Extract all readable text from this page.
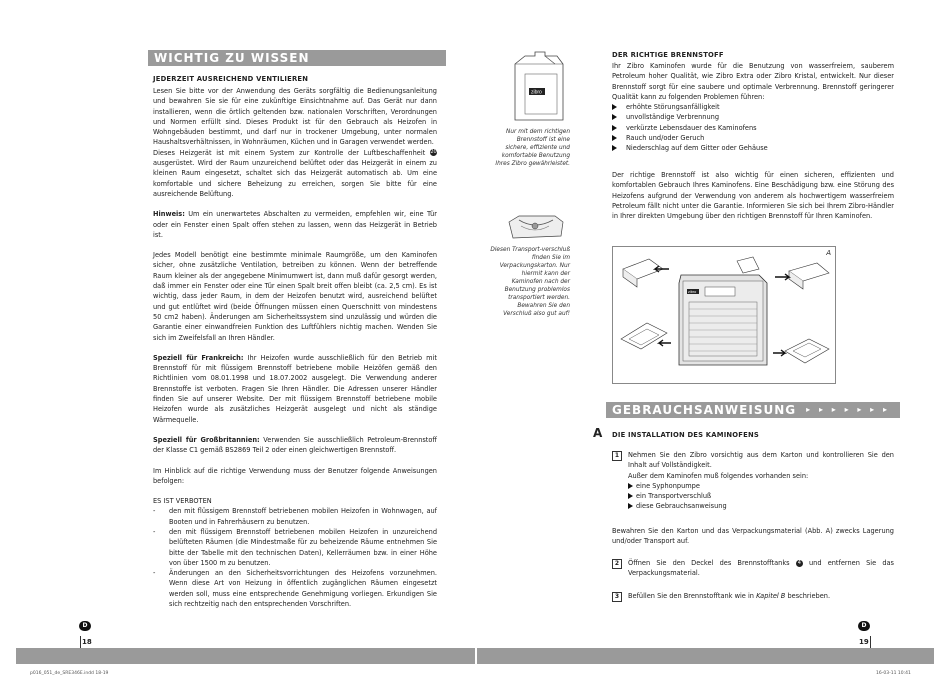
WICHTIG ZU WISSEN
JEDERZEIT AUSREICHEND VENTILIEREN
Lesen Sie bitte vor der Anwendung des Geräts sorgfältig die Bedienungsanleitung und bewahren Sie sie für eine zukünftige Einsichtnahme auf. Das Gerät nur dann installieren, wenn die örtlich geltenden bzw. nationalen Vorschriften, Verordnungen und Normen erfüllt sind. Dieses Produkt ist für den Gebrauch als Heizofen in Wohngebäuden bestimmt, und darf nur in trockener Umgebung, unter normalen Haushaltsverhältnissen, in Wohnräumen, Küchen und in Garagen verwendet werden.
Dieses Heizgerät ist mit einem System zur Kontrolle der Luftbeschaffenheit 20 ausgerüstet. Wird der Raum unzureichend belüftet oder das Heizgerät in einem zu kleinen Raum eingesetzt, schaltet sich das Heizgerät automatisch ab. Um eine komfortable und sichere Beheizung zu erreichen, sorgen Sie bitte für eine ausreichende Belüftung.
Hinweis: Um ein unerwartetes Abschalten zu vermeiden, empfehlen wir, eine Tür oder ein Fenster einen Spalt offen stehen zu lassen, wenn das Heizgerät in Betrieb ist.
Jedes Modell benötigt eine bestimmte minimale Raumgröße, um den Kaminofen sicher, ohne zusätzliche Ventilation, betreiben zu können. Wenn der betreffende Raum kleiner als der angegebene Minimumwert ist, dann muß dafür gesorgt werden, daß immer ein Fenster oder eine Tür einen Spalt breit offen bleibt (ca. 2,5 cm). Es ist wichtig, dass jeder Raum, in dem der Heizofen benutzt wird, ausreichend belüftet und gut entlüftet wird (beide Öffnungen müssen einen Querschnitt von mindestens 50 cm2 haben). Änderungen am Sicherheitssystem sind unzulässig und würden die Garantie einer einwandfreien Funktion des Luftfühlers nichtig machen. Wenden Sie sich im Zweifelsfall an Ihren Händler.
Speziell für Frankreich: Ihr Heizofen wurde ausschließlich für den Betrieb mit Brennstoff für mit flüssigem Brennstoff betriebene mobile Heizöfen gemäß den Richtlinien vom 08.01.1998 und 18.07.2002 ausgelegt. Die Verwendung anderer Brennstoffe ist verboten. Fragen Sie Ihren Händler. Die Adressen unserer Händler finden Sie auf unserer Website. Der mit flüssigem Brennstoff betriebene mobile Heizofen wurde als zusätzliches Heizgerät ausgelegt und nicht als ständige Wärmequelle.
Speziell für Großbritannien: Verwenden Sie ausschließlich Petroleum-Brennstoff der Klasse C1 gemäß BS2869 Teil 2 oder einen gleichwertigen Brennstoff.
Im Hinblick auf die richtige Verwendung muss der Benutzer folgende Anweisungen befolgen:
ES IST VERBOTEN
- den mit flüssigem Brennstoff betriebenen mobilen Heizofen in Wohnwagen, auf Booten und in Fahrerhäusern zu benutzen.
- den mit flüssigem Brennstoff betriebenen mobilen Heizofen in unzureichend belüfteten Räumen (die Mindestmaße für zu beheizende Räume entnehmen Sie bitte der Tabelle mit den technischen Daten), Kellerräumen bzw. in einer Höhe von über 1500 m zu benutzen.
- Änderungen an den Sicherheitsvorrichtungen des Heizofens vorzunehmen. Wenn diese Art von Heizung in öffentlich zugänglichen Räumen eingesetzt werden soll, muss eine entsprechende Genehmigung vorliegen. Erkundigen Sie sich rechtzeitig nach den entsprechenden Vorschriften.
D
18
zibro
Nur mit dem richtigen Brennstoff ist eine sichere, effiziente und komfortable Benutzung Ihres Zibro gewährleistet.
Diesen Transport-verschluß finden Sie im Verpackungskarton. Nur hiermit kann der Kaminofen nach der Benutzung problemlos transportiert werden. Bewahren Sie den Verschluß also gut auf!
DER RICHTIGE BRENNSTOFF
Ihr Zibro Kaminofen wurde für die Benutzung von wasserfreiem, sauberem Petroleum hoher Qualität, wie Zibro Extra oder Zibro Kristal, entwickelt. Nur dieser Brennstoff sorgt für eine saubere und optimale Verbrennung. Brennstoff geringerer Qualität kann zu folgenden Problemen führen:
erhöhte Störungsanfälligkeit
unvollständige Verbrennung
verkürzte Lebensdauer des Kaminofens
Rauch und/oder Geruch
Niederschlag auf dem Gitter oder Gehäuse
Der richtige Brennstoff ist also wichtig für einen sicheren, effizienten und komfortablen Gebrauch Ihres Kaminofens. Eine Beschädigung bzw. eine Störung des Heizofens aufgrund der Verwendung von anderem als hochwertigem wasserfreiem Petroleum fällt nicht unter die Garantie. Informieren Sie sich bei Ihrem Zibro-Händler in Ihrer direkten Umgebung über den richtigen Brennstoff für Ihren Kaminofen.
A
zibro
GEBRAUCHSANWEISUNG ▸ ▸ ▸ ▸ ▸ ▸ ▸
A DIE INSTALLATION DES KAMINOFENS
1	Nehmen Sie den Zibro vorsichtig aus dem Karton und kontrollieren Sie den Inhalt auf Vollständigkeit.
Außer dem Kaminofen muß folgendes vorhanden sein:
eine Syphonpumpe
ein Transportverschluß
diese Gebrauchsanweisung
Bewahren Sie den Karton und das Verpackungsmaterial (Abb. A) zwecks Lagerung und/oder Transport auf.
2	Öffnen Sie den Deckel des Brennstofftanks 4 und entfernen Sie das Verpackungsmaterial.
3	Befüllen Sie den Brennstofftank wie in Kapitel B beschrieben.
D
19
p016_051_de_SRE346E.indd 18-19	16-03-11 10:41
